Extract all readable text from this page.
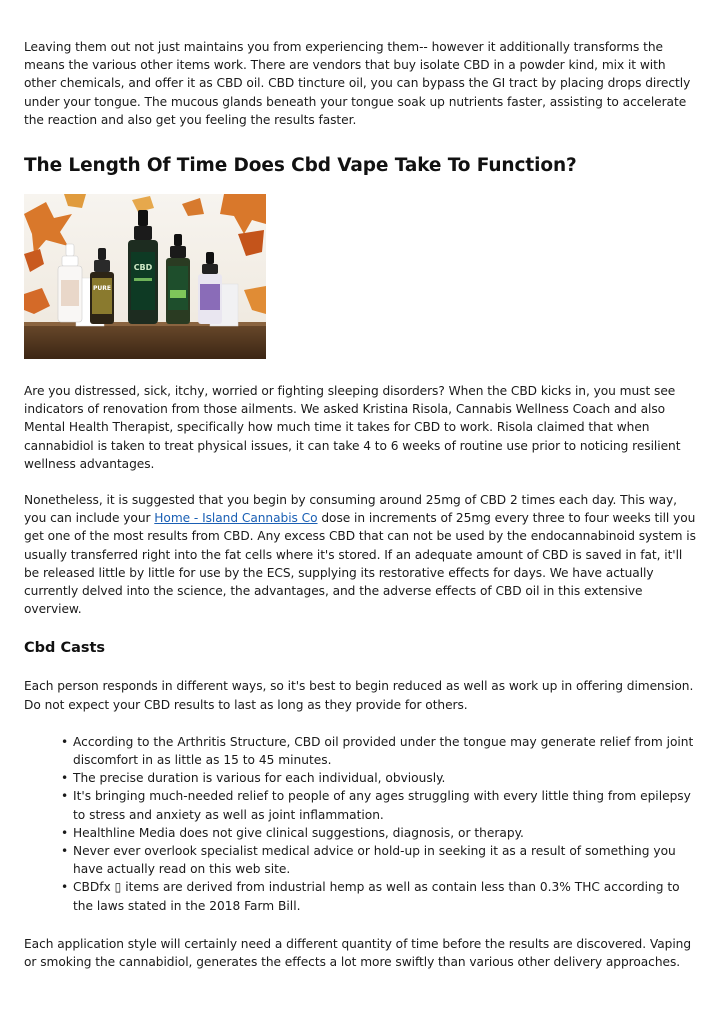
Leaving them out not just maintains you from experiencing them-- however it additionally transforms the means the various other items work. There are vendors that buy isolate CBD in a powder kind, mix it with other chemicals, and offer it as CBD oil. CBD tincture oil, you can bypass the GI tract by placing drops directly under your tongue. The mucous glands beneath your tongue soak up nutrients faster, assisting to accelerate the reaction and also get you feeling the results faster.

The Length Of Time Does Cbd Vape Take To Function?
PURE
CBD

Are you distressed, sick, itchy, worried or fighting sleeping disorders? When the CBD kicks in, you must see indicators of renovation from those ailments. We asked Kristina Risola, Cannabis Wellness Coach and also Mental Health Therapist, specifically how much time it takes for CBD to work. Risola claimed that when cannabidiol is taken to treat physical issues, it can take 4 to 6 weeks of routine use prior to noticing resilient wellness advantages.

Nonetheless, it is suggested that you begin by consuming around 25mg of CBD 2 times each day. This way, you can include your Home - Island Cannabis Co dose in increments of 25mg every three to four weeks till you get one of the most results from CBD. Any excess CBD that can not be used by the endocannabinoid system is usually transferred right into the fat cells where it's stored. If an adequate amount of CBD is saved in fat, it'll be released little by little for use by the ECS, supplying its restorative effects for days. We have actually currently delved into the science, the advantages, and the adverse effects of CBD oil in this extensive overview.

Cbd Casts

Each person responds in different ways, so it's best to begin reduced as well as work up in offering dimension. Do not expect your CBD results to last as long as they provide for others.

• According to the Arthritis Structure, CBD oil provided under the tongue may generate relief from joint discomfort in as little as 15 to 45 minutes.
• The precise duration is various for each individual, obviously.
• It's bringing much-needed relief to people of any ages struggling with every little thing from epilepsy to stress and anxiety as well as joint inflammation.
• Healthline Media does not give clinical suggestions, diagnosis, or therapy.
• Never ever overlook specialist medical advice or hold-up in seeking it as a result of something you have actually read on this web site.
• CBDfx ▯ items are derived from industrial hemp as well as contain less than 0.3% THC according to the laws stated in the 2018 Farm Bill.

Each application style will certainly need a different quantity of time before the results are discovered. Vaping or smoking the cannabidiol, generates the effects a lot more swiftly than various other delivery approaches.
